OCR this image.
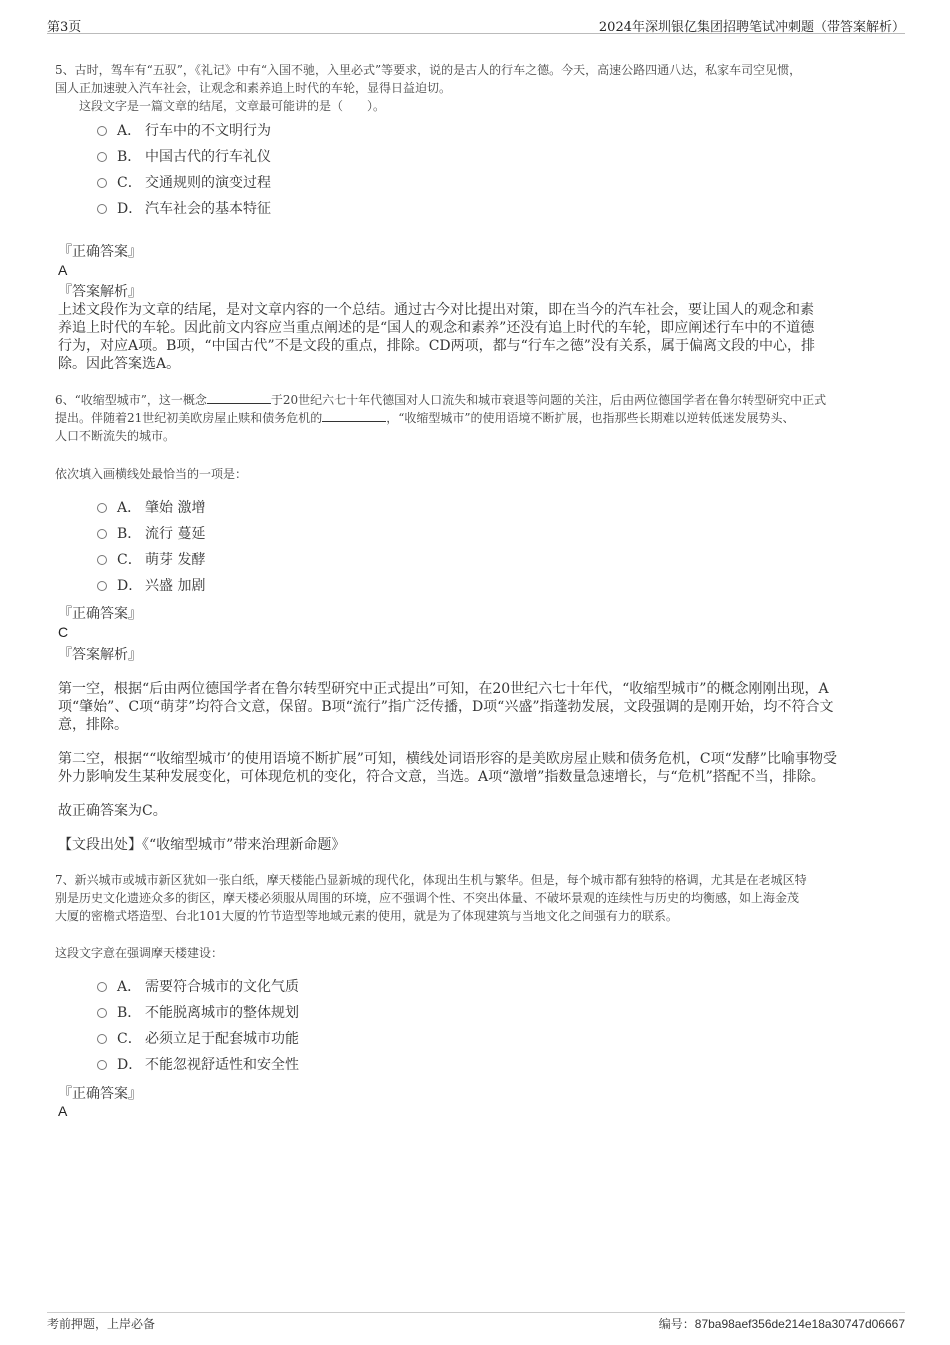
第3页	2024年深圳银亿集团招聘笔试冲刺题（带答案解析）

5、古时，驾车有“五驭”，《礼记》中有“入国不驰，入里必式”等要求，说的是古人的行车之德。今天，高速公路四通八达，私家车司空见惯，

国人正加速驶入汽车社会，让观念和素养追上时代的车轮，显得日益迫切。

这段文字是一篇文章的结尾，文章最可能讲的是（　　）。

A． 行车中的不文明行为
B． 中国古代的行车礼仪
C． 交通规则的演变过程
D． 汽车社会的基本特征
『正确答案』
A
『答案解析』
上述文段作为文章的结尾，是对文章内容的一个总结。通过古今对比提出对策，即在当今的汽车社会，要让国人的观念和素
养追上时代的车轮。因此前文内容应当重点阐述的是“国人的观念和素养”还没有追上时代的车轮，即应阐述行车中的不道德
行为，对应A项。B项，“中国古代”不是文段的重点，排除。CD两项，都与“行车之德”没有关系，属于偏离文段的中心，排
除。因此答案选A。

6、“收缩型城市”，这一概念	于20世纪六七十年代德国对人口流失和城市衰退等问题的关注，后由两位德国学者在鲁尔转型研究中正式

提出。伴随着21世纪初美欧房屋止赎和债务危机的	，“收缩型城市”的使用语境不断扩展，也指那些长期难以逆转低迷发展势头、

人口不断流失的城市。

依次填入画横线处最恰当的一项是：

A． 肇始 激增
B． 流行 蔓延
C． 萌芽 发酵
D． 兴盛 加剧
『正确答案』
C
『答案解析』
第一空，根据“后由两位德国学者在鲁尔转型研究中正式提出”可知，在20世纪六七十年代，“收缩型城市”的概念刚刚出现，A
项“肇始”、C项“萌芽”均符合文意，保留。B项“流行”指广泛传播，D项“兴盛”指蓬勃发展，文段强调的是刚开始，均不符合文
意，排除。
第二空，根据““收缩型城市’的使用语境不断扩展”可知，横线处词语形容的是美欧房屋止赎和债务危机，C项“发酵”比喻事物受
外力影响发生某种发展变化，可体现危机的变化，符合文意，当选。A项“激增”指数量急速增长，与“危机”搭配不当，排除。
故正确答案为C。
【文段出处】《“收缩型城市”带来治理新命题》

7、新兴城市或城市新区犹如一张白纸，摩天楼能凸显新城的现代化，体现出生机与繁华。但是，每个城市都有独特的格调，尤其是在老城区特

别是历史文化遗迹众多的街区，摩天楼必须服从周围的环境，应不强调个性、不突出体量、不破坏景观的连续性与历史的均衡感，如上海金茂

大厦的密檐式塔造型、台北101大厦的竹节造型等地域元素的使用，就是为了体现建筑与当地文化之间强有力的联系。

这段文字意在强调摩天楼建设：

A． 需要符合城市的文化气质
B． 不能脱离城市的整体规划
C． 必须立足于配套城市功能
D． 不能忽视舒适性和安全性
『正确答案』
A
考前押题，上岸必备	编号：87ba98aef356de214e18a30747d06667
